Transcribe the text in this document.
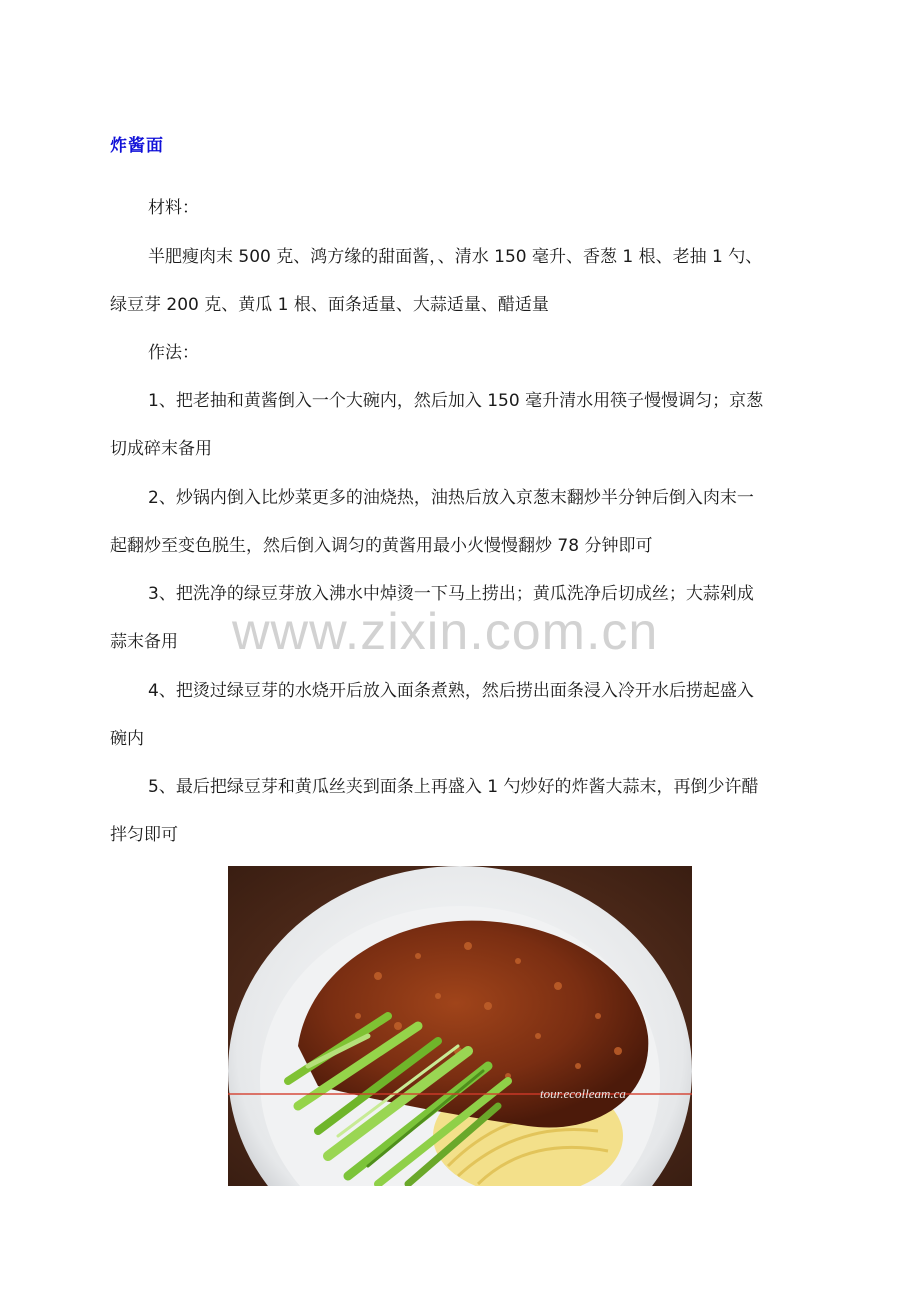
炸酱面
材料：
半肥瘦肉末 500 克、鸿方缘的甜面酱，、清水 150 毫升、香葱 1 根、老抽 1 勺、
绿豆芽 200 克、黄瓜 1 根、面条适量、大蒜适量、醋适量
作法：
1、把老抽和黄酱倒入一个大碗内，然后加入 150 毫升清水用筷子慢慢调匀；京葱
切成碎末备用
2、炒锅内倒入比炒菜更多的油烧热，油热后放入京葱末翻炒半分钟后倒入肉末一
起翻炒至变色脱生，然后倒入调匀的黄酱用最小火慢慢翻炒 78 分钟即可
3、把洗净的绿豆芽放入沸水中焯烫一下马上捞出；黄瓜洗净后切成丝；大蒜剁成
蒜末备用 www.zixin.com.cn
4、把烫过绿豆芽的水烧开后放入面条煮熟，然后捞出面条浸入冷开水后捞起盛入
碗内
5、最后把绿豆芽和黄瓜丝夹到面条上再盛入 1 勺炒好的炸酱大蒜末，再倒少许醋
拌匀即可
tour.ecolleam.ca
